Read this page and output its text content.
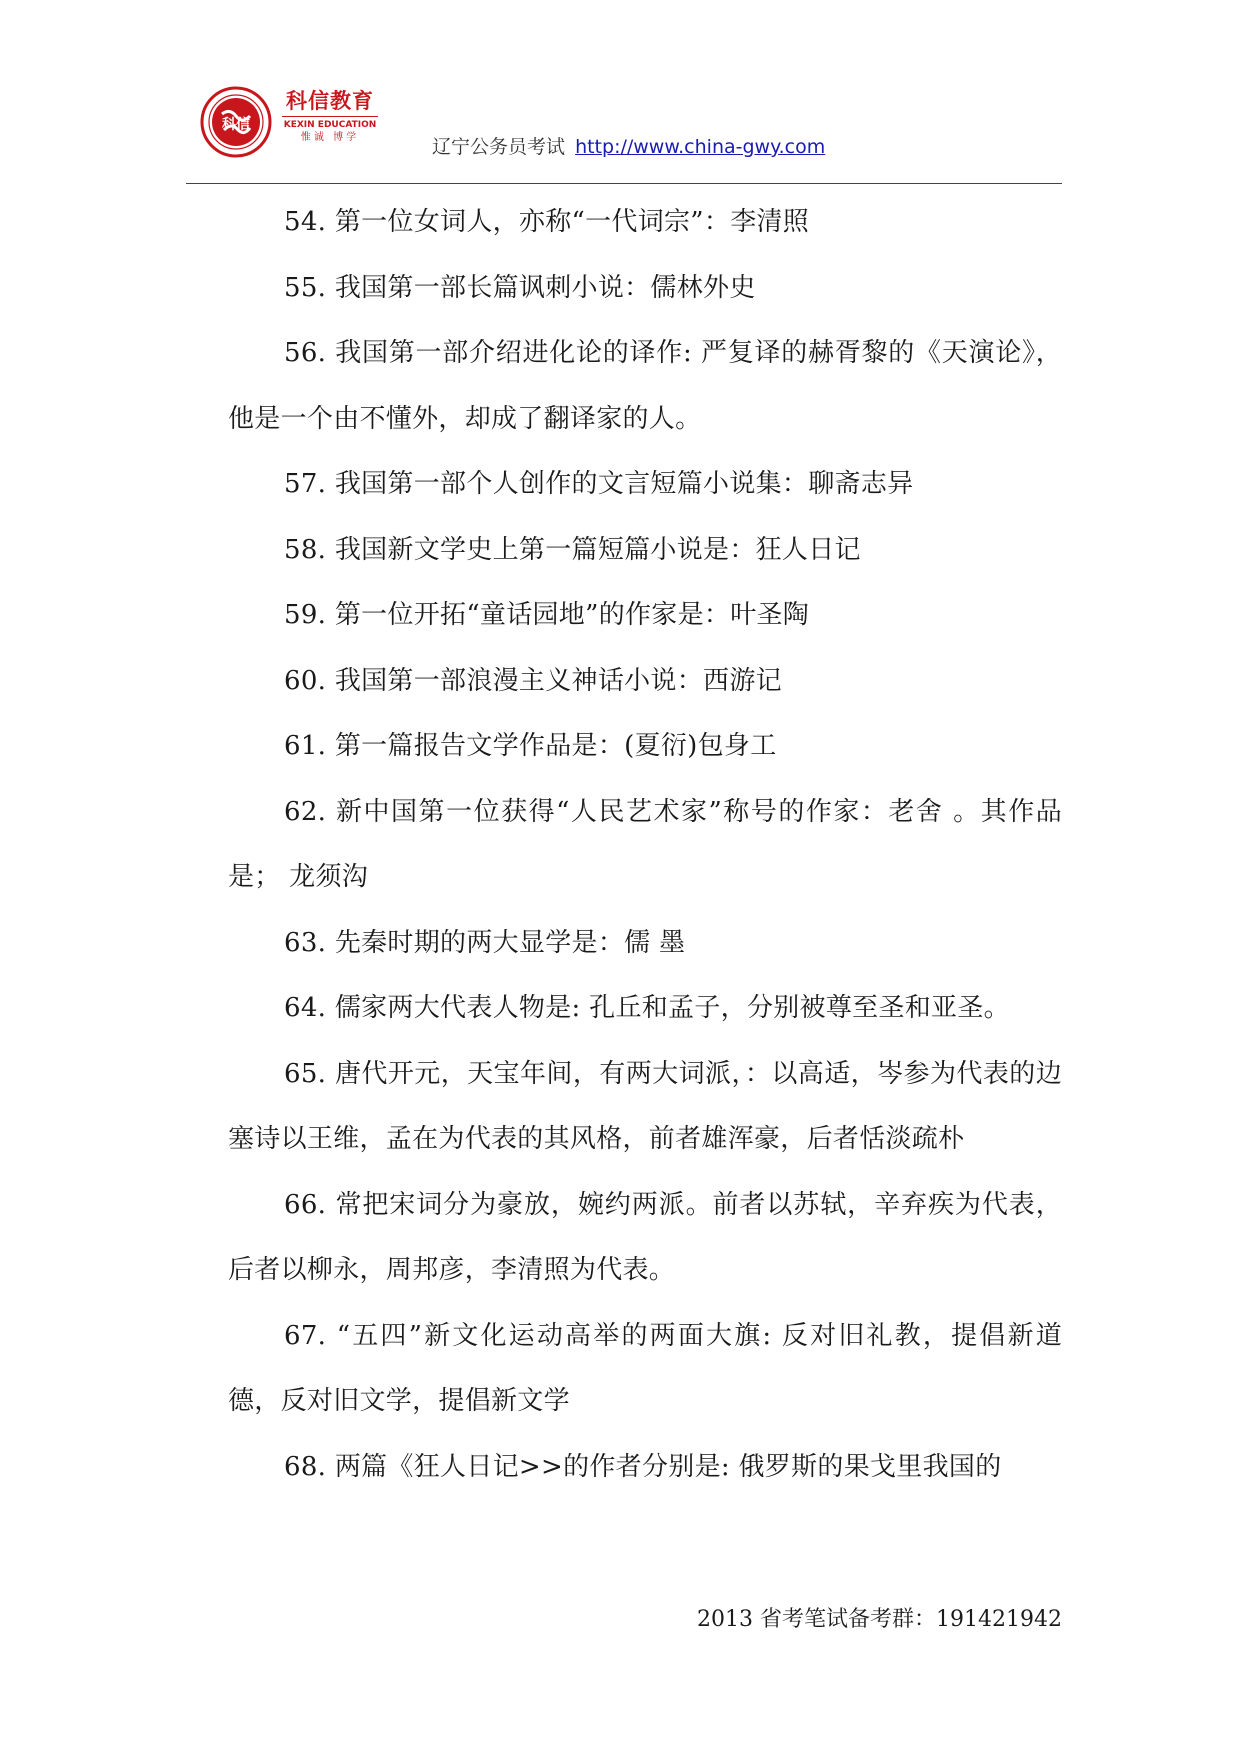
科信
科信教育
KEXIN EDUCATION
惟诚 博学	辽宁公务员考试 http://www.china-gwy.com

54. 第一位女词人，亦称“一代词宗”：李清照

55. 我国第一部长篇讽刺小说：儒林外史

56. 我国第一部介绍进化论的译作: 严复译的赫胥黎的《天演论》，他是一个由不懂外，却成了翻译家的人。

57. 我国第一部个人创作的文言短篇小说集：聊斋志异

58. 我国新文学史上第一篇短篇小说是：狂人日记

59. 第一位开拓“童话园地”的作家是：叶圣陶

60. 我国第一部浪漫主义神话小说：西游记

61. 第一篇报告文学作品是：(夏衍)包身工

62. 新中国第一位获得“人民艺术家”称号的作家：老舍 。其作品是； 龙须沟

63. 先秦时期的两大显学是：儒 墨

64. 儒家两大代表人物是: 孔丘和孟子，分别被尊至圣和亚圣。

65. 唐代开元，天宝年间，有两大词派，：以高适，岑参为代表的边塞诗以王维，孟在为代表的其风格，前者雄浑豪，后者恬淡疏朴

66. 常把宋词分为豪放，婉约两派。前者以苏轼，辛弃疾为代表，后者以柳永，周邦彦，李清照为代表。

67. “五四”新文化运动高举的两面大旗: 反对旧礼教，提倡新道德，反对旧文学，提倡新文学

68. 两篇《狂人日记>>的作者分别是: 俄罗斯的果戈里我国的

2013 省考笔试备考群：191421942
